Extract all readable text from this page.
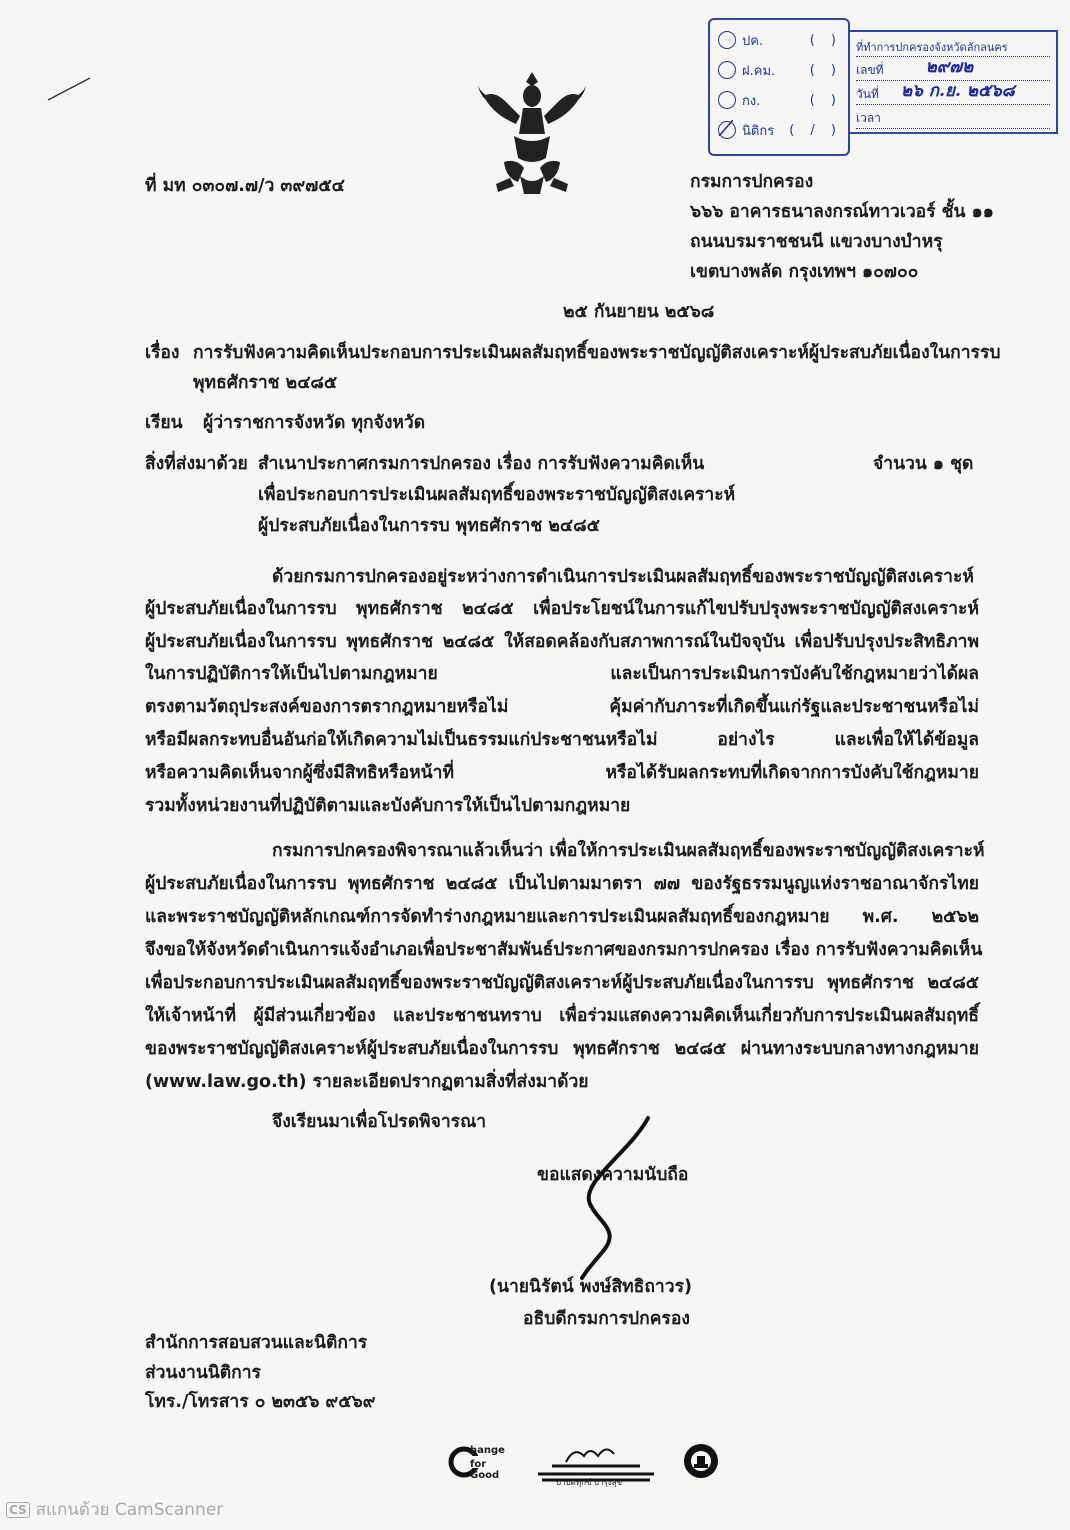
ปค.	( )
ฝ.คม.	( )
กง.	( )
นิติกร ( / )
ที่ทำการปกครองจังหวัดลักลนคร
เลขที่ ๒๙๗๒
วันที่ ๒๖ ก.ย. ๒๕๖๘
เวลา
ที่ มท ๐๓๐๗.๗/ว ๓๙๗๕๔	กรมการปกครอง
๖๖๖ อาคารธนาลงกรณ์ทาวเวอร์ ชั้น ๑๑
ถนนบรมราชชนนี แขวงบางบำหรุ
เขตบางพลัด กรุงเทพฯ ๑๐๗๐๐
๒๕ กันยายน ๒๕๖๘
เรื่อง การรับฟังความคิดเห็นประกอบการประเมินผลสัมฤทธิ์ของพระราชบัญญัติสงเคราะห์ผู้ประสบภัยเนื่องในการรบ
พุทธศักราช ๒๔๘๕
เรียน ผู้ว่าราชการจังหวัด ทุกจังหวัด
สิ่งที่ส่งมาด้วย สำเนาประกาศกรมการปกครอง เรื่อง การรับฟังความคิดเห็น
เพื่อประกอบการประเมินผลสัมฤทธิ์ของพระราชบัญญัติสงเคราะห์
ผู้ประสบภัยเนื่องในการรบ พุทธศักราช ๒๔๘๕
จำนวน ๑ ชุด
ด้วยกรมการปกครองอยู่ระหว่างการดำเนินการประเมินผลสัมฤทธิ์ของพระราชบัญญัติสงเคราะห์
ผู้ประสบภัยเนื่องในการรบ พุทธศักราช ๒๔๘๕ เพื่อประโยชน์ในการแก้ไขปรับปรุงพระราชบัญญัติสงเคราะห์
ผู้ประสบภัยเนื่องในการรบ พุทธศักราช ๒๔๘๕ ให้สอดคล้องกับสภาพการณ์ในปัจจุบัน เพื่อปรับปรุงประสิทธิภาพ
ในการปฏิบัติการให้เป็นไปตามกฎหมาย และเป็นการประเมินการบังคับใช้กฎหมายว่าได้ผล
ตรงตามวัตถุประสงค์ของการตรากฎหมายหรือไม่ คุ้มค่ากับภาระที่เกิดขึ้นแก่รัฐและประชาชนหรือไม่
หรือมีผลกระทบอื่นอันก่อให้เกิดความไม่เป็นธรรมแก่ประชาชนหรือไม่ อย่างไร และเพื่อให้ได้ข้อมูล
หรือความคิดเห็นจากผู้ซึ่งมีสิทธิหรือหน้าที่ หรือได้รับผลกระทบที่เกิดจากการบังคับใช้กฎหมาย
รวมทั้งหน่วยงานที่ปฏิบัติตามและบังคับการให้เป็นไปตามกฎหมาย
กรมการปกครองพิจารณาแล้วเห็นว่า เพื่อให้การประเมินผลสัมฤทธิ์ของพระราชบัญญัติสงเคราะห์
ผู้ประสบภัยเนื่องในการรบ พุทธศักราช ๒๔๘๕ เป็นไปตามมาตรา ๗๗ ของรัฐธรรมนูญแห่งราชอาณาจักรไทย
และพระราชบัญญัติหลักเกณฑ์การจัดทำร่างกฎหมายและการประเมินผลสัมฤทธิ์ของกฎหมาย พ.ศ. ๒๕๖๒
จึงขอให้จังหวัดดำเนินการแจ้งอำเภอเพื่อประชาสัมพันธ์ประกาศของกรมการปกครอง เรื่อง การรับฟังความคิดเห็น
เพื่อประกอบการประเมินผลสัมฤทธิ์ของพระราชบัญญัติสงเคราะห์ผู้ประสบภัยเนื่องในการรบ พุทธศักราช ๒๔๘๕
ให้เจ้าหน้าที่ ผู้มีส่วนเกี่ยวข้อง และประชาชนทราบ เพื่อร่วมแสดงความคิดเห็นเกี่ยวกับการประเมินผลสัมฤทธิ์
ของพระราชบัญญัติสงเคราะห์ผู้ประสบภัยเนื่องในการรบ พุทธศักราช ๒๔๘๕ ผ่านทางระบบกลางทางกฎหมาย
(www.law.go.th) รายละเอียดปรากฏตามสิ่งที่ส่งมาด้วย
จึงเรียนมาเพื่อโปรดพิจารณา
ขอแสดงความนับถือ
(นายนิรัตน์ พงษ์สิทธิถาวร)
อธิบดีกรมการปกครอง
สำนักการสอบสวนและนิติการ
ส่วนงานนิติการ
โทร./โทรสาร ๐ ๒๓๕๖ ๙๕๖๙
hange
for Good
บำบัดทุกข์ บำรุงสุข
CS สแกนด้วย CamScanner
